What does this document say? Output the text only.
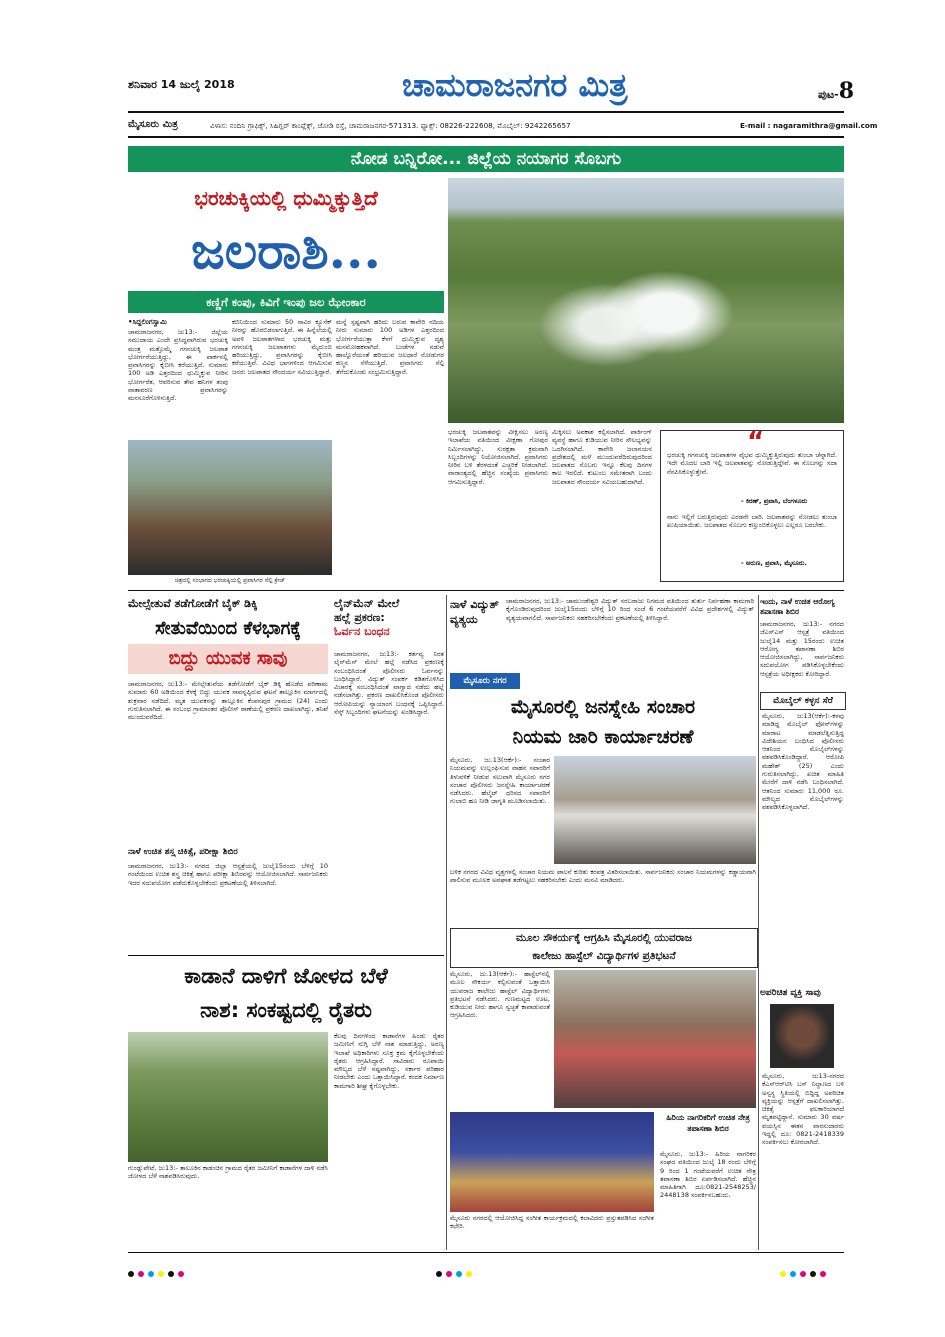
ಶನಿವಾರ 14 ಜುಲೈ 2018	ಚಾಮರಾಜನಗರ ಮಿತ್ರ	ಪುಟ-8
ಮೈಸೂರು ಮಿತ್ರ	ವಿಳಾಸ: ನಂದಿನಿ ಗ್ರಾಫಿಕ್ಸ್, ಸಿಹಿಗ್ಲರ್ ಕಾಂಪ್ಲೆಕ್ಸ್, ಜೋಡಿ ರಸ್ತೆ, ಚಾಮರಾಜನಗರ-571313. ಫ್ಯಾಕ್ಸ್: 08226-222608, ಮೊಬೈಲ್: 9242265657	E-mail : nagaramithra@gmail.com
ನೋಡ ಬನ್ನಿರೋ... ಜಿಲ್ಲೆಯ ನಯಾಗರ ಸೊಬಗು
ಭರಚುಕ್ಕಿಯಲ್ಲಿ ಧುಮ್ಮಿಕ್ಕುತ್ತಿದೆ
ಜಲರಾಶಿ...
ಕಣ್ಣಿಗೆ ಕಂಪು, ಕಿವಿಗೆ ಇಂಪು ಜಲ ಝೇಂಕಾರ
•ಸಿದ್ದಲಿಂಗಸ್ವಾಮಿ
ಚಾಮರಾಜನಗರ, ಜು13:- ಜಿಲ್ಲೆಯ ಸಮುದಾಯ ಎಂದೇ ಪ್ರಸಿದ್ಧವಾಗಿರುವ ಭರಚುಕ್ಕಿ ಮಂತ್ರ ಮತ್ತೊಮ್ಮೆ ಗಗನಚುಕ್ಕಿ ಜಲಪಾತ ಭೋರ್ಗರೆಯುತ್ತಿದ್ದು, ಈ ಪಾರ್ಕನಲ್ಲಿ ಪ್ರವಾಸಿಗರನ್ನು ಕೈಬೀಸಿ ಕರೆಯುತ್ತಿದೆ. ಸುಮಾರು 100 ಅಡಿ ಎತ್ತರದಿಂದ ಧುಮ್ಮಿಕ್ಕುವ ನೀರಿನ ಭೋರ್ಗರೆತ, ಆವರಿಸುವ ತೇವ ಹನಿಗಳ ತಂಪು ವಾತಾವರಣ ಪ್ರವಾಸಿಗರನ್ನು ಮನಸೂರೆಗೊಳಿಸುತ್ತಿದೆ.
ಕಬಿನಿಯಿಂದ ಸುಮಾರು 50 ಸಾವಿರ ಕ್ಯೂಸೆಕ್ ನೀರನ್ನು ಹೊರಬಿಡಲಾಗುತ್ತಿದೆ. ಈ ಹಿನ್ನೆಲೆಯಲ್ಲಿ ಅವಳಿ ಜಲಪಾತಗಳಾದ ಭರಚುಕ್ಕಿ ಮತ್ತು ಗಗನಚುಕ್ಕಿ ಜಲಪಾತಗಳು ಮೈದುಂಬಿ ಹರಿಯುತ್ತಿದ್ದು, ಪ್ರವಾಸಿಗರನ್ನು ಕೈಬೀಸಿ ಕರೆಯುತ್ತಿವೆ. ವಿವಿಧ ಭಾಗಗಳಿಂದ ಆಗಮಿಸುವ ಜನರು ಜಲಪಾತದ ಸೌಂದರ್ಯ ಸವಿಯುತ್ತಿದ್ದಾರೆ.
ಮನ್ನೆ ಸ್ಪಷ್ಟವಾಗಿ ಹರಿದು ಬರುವ ಕಾವೇರಿ ನದಿಯ ನೀರು ಸುಮಾರು 100 ಅಡಿಗಳ ಎತ್ತರದಿಂದ ಭೋರ್ಗರೆಯುತ್ತಾ ಕೆಳಗೆ ಧುಮ್ಮಿಕ್ಕುವ ದೃಶ್ಯ ಮನಮೋಹಕವಾಗಿದೆ. ಬಂಡೆಗಳ ನಡುವೆ ಹಾಲ್ನೊರೆಯಂತೆ ಹರಿಯುವ ಜಲಧಾರೆ ನೋಡುಗರ ಕಣ್ಮನ ಸೆಳೆಯುತ್ತಿದೆ. ಪ್ರವಾಸಿಗರು ಸೆಲ್ಫಿ ತೆಗೆದುಕೊಂಡು ಸಂಭ್ರಮಿಸುತ್ತಿದ್ದಾರೆ.
ಚಿತ್ರದಲ್ಲಿ ಸಂಭಾಗದ ಭರಚುಕ್ಕಿಯಲ್ಲಿ ಪ್ರವಾಸಿಗರ ಸೆಲ್ಫಿ ಕ್ರೇಜ್
ಭರಚುಕ್ಕಿ ಜಲಪಾತವನ್ನು ವೀಕ್ಷಿಸಲು ಅರಣ್ಯ ಇಲಾಖೆಯ ವತಿಯಿಂದ ವೀಕ್ಷಣಾ ಗೋಪುರ ನಿರ್ಮಿಸಲಾಗಿದ್ದು, ಸುರಕ್ಷತಾ ಕ್ರಮವಾಗಿ ಸಿಬ್ಬಂದಿಗಳನ್ನು ನಿಯೋಜಿಸಲಾಗಿದೆ. ಪ್ರವಾಸಿಗರು ನೀರಿನ ಬಳಿ ತೆರಳದಂತೆ ಎಚ್ಚರಿಕೆ ನೀಡಲಾಗಿದೆ. ವಾರಾಂತ್ಯದಲ್ಲಿ ಹೆಚ್ಚಿನ ಸಂಖ್ಯೆಯ ಪ್ರವಾಸಿಗರು ಆಗಮಿಸುತ್ತಿದ್ದಾರೆ.
ಮಿಕ್ಕಿಸಲು ಅವಕಾಶ ಕಲ್ಪಿಸಲಾಗಿದೆ. ಪಾರ್ಕಿಂಗ್ ವ್ಯವಸ್ಥೆ ಹಾಗೂ ಕುಡಿಯುವ ನೀರಿನ ಸೌಲಭ್ಯವನ್ನು ಒದಗಿಸಲಾಗಿದೆ. ಕಾವೇರಿ ಜಲಾನಯನ ಪ್ರದೇಶದಲ್ಲಿ ಮಳೆ ಮುಂದುವರೆದಿರುವುದರಿಂದ ಜಲಪಾತದ ಸೊಬಗು ಇನ್ನೂ ಕೆಲವು ದಿನಗಳ ಕಾಲ ಇರಲಿದೆ. ಕುಟುಂಬ ಸಮೇತರಾಗಿ ಬಂದು ಜಲಪಾತದ ಸೌಂದರ್ಯ ಸವಿಯಬಹುದಾಗಿದೆ.
“
ಭರಚುಕ್ಕಿ ಗಗನಚುಕ್ಕಿ ಜಲಪಾತಗಳ ವೈಭವ ಧುಮ್ಮಿಕ್ಕುತ್ತಿರುವುದು ತುಂಬಾ ಚೆನ್ನಾಗಿದೆ. ಇದೇ ಮೊದಲ ಬಾರಿ ಇಲ್ಲಿ ಜಲಪಾತವನ್ನು ನೋಡುತ್ತಿದ್ದೇವೆ. ಈ ಸೊಬಗನ್ನು ಸದಾ ನೆನಪಿಸಿಕೊಳ್ಳುತ್ತೇವೆ.
- ಕಿರಣ್, ಪ್ರವಾಸಿ, ಬೆಂಗಳೂರು
ನಾನು ಇಲ್ಲಿಗೆ ಬರುತ್ತಿರುವುದು ಎರಡನೇ ಬಾರಿ. ಜಲಪಾತವನ್ನು ನೋಡಲು ತುಂಬಾ ಖುಷಿಯಾಯಿತು. ಜಲಪಾತದ ಸೊಬಗು ಕಣ್ತುಂಬಿಕೊಳ್ಳಲು ಎಲ್ಲರೂ ಬರಬೇಕು.
- ಅರುಣ, ಪ್ರವಾಸಿ, ಮೈಸೂರು.
ಮೇಲ್ಸೇತುವೆ ತಡೆಗೋಡೆಗೆ ಬೈಕ್ ಡಿಕ್ಕಿ
ಸೇತುವೆಯಿಂದ ಕೆಳಭಾಗಕ್ಕೆ
ಬಿದ್ದು ಯುವಕ ಸಾವು
ಚಾಮರಾಜನಗರ, ಜು13:- ಮೇಲ್ಸೇತುವೆಯ ತಡೆಗೋಡೆಗೆ ಬೈಕ್ ಡಿಕ್ಕಿ ಹೊಡೆದ ಪರಿಣಾಮ ಸುಮಾರು 60 ಅಡಿಯಿಂದ ಕೆಳಕ್ಕೆ ಬಿದ್ದು ಯುವಕ ಸಾವನ್ನಪ್ಪಿರುವ ಘಟನೆ ತಾಲ್ಲೂಕಿನ ಮಾರ್ಗದಲ್ಲಿ ಶುಕ್ರವಾರ ನಡೆದಿದೆ. ಮೃತ ಯುವಕನನ್ನು ತಾಲ್ಲೂಕಿನ ಕೆಂಪನಪುರ ಗ್ರಾಮದ (24) ಎಂದು ಗುರುತಿಸಲಾಗಿದೆ. ಈ ಸಂಬಂಧ ಗ್ರಾಮಾಂತರ ಪೊಲೀಸ್ ಠಾಣೆಯಲ್ಲಿ ಪ್ರಕರಣ ದಾಖಲಾಗಿದ್ದು, ತನಿಖೆ ಮುಂದುವರೆದಿದೆ.
ನಾಳೆ ಉಚಿತ ಶಸ್ತ್ರ ಚಿಕಿತ್ಸೆ, ಪರೀಕ್ಷಾ ಶಿಬಿರ
ಚಾಮರಾಜನಗರ, ಜು13:- ನಗರದ ಜಿಲ್ಲಾ ಆಸ್ಪತ್ರೆಯಲ್ಲಿ ಜುಲೈ15ರಂದು ಬೆಳಿಗ್ಗೆ 10 ಗಂಟೆಯಿಂದ ಉಚಿತ ಶಸ್ತ್ರ ಚಿಕಿತ್ಸೆ ಹಾಗೂ ಪರೀಕ್ಷಾ ಶಿಬಿರವನ್ನು ಆಯೋಜಿಸಲಾಗಿದೆ. ಸಾರ್ವಜನಿಕರು ಇದರ ಸದುಪಯೋಗ ಪಡೆದುಕೊಳ್ಳಬೇಕೆಂದು ಪ್ರಕಟಣೆಯಲ್ಲಿ ತಿಳಿಸಲಾಗಿದೆ.
ಲೈನ್‌ಮೆನ್ ಮೇಲೆ
ಹಲ್ಲೆ ಪ್ರಕರಣ:
ಓರ್ವನ ಬಂಧನ
ಚಾಮರಾಜನಗರ, ಜು13:- ಕರ್ತವ್ಯ ನಿರತ ಲೈನ್‌ಮೆನ್ ಮೇಲೆ ಹಲ್ಲೆ ನಡೆಸಿದ ಪ್ರಕರಣಕ್ಕೆ ಸಂಬಂಧಿಸಿದಂತೆ ಪೊಲೀಸರು ಓರ್ವನನ್ನು ಬಂಧಿಸಿದ್ದಾರೆ. ವಿದ್ಯುತ್ ಸಂಪರ್ಕ ಕಡಿತಗೊಳಿಸಿದ ವಿಚಾರಕ್ಕೆ ಸಂಬಂಧಿಸಿದಂತೆ ವಾಗ್ವಾದ ನಡೆದು ಹಲ್ಲೆ ನಡೆಸಲಾಗಿತ್ತು. ಪ್ರಕರಣ ದಾಖಲಿಸಿಕೊಂಡ ಪೊಲೀಸರು ಆರೋಪಿಯನ್ನು ನ್ಯಾಯಾಂಗ ಬಂಧನಕ್ಕೆ ಒಪ್ಪಿಸಿದ್ದಾರೆ. ಸೆಸ್ಕ್ ಸಿಬ್ಬಂದಿಗಳು ಘಟನೆಯನ್ನು ಖಂಡಿಸಿದ್ದಾರೆ.
ಕಾಡಾನೆ ದಾಳಿಗೆ ಜೋಳದ ಬೆಳೆ
ನಾಶ: ಸಂಕಷ್ಟದಲ್ಲಿ ರೈತರು
ಗುಂಡ್ಲುಪೇಟೆ, ಜು13:- ತಾಲೂಕಿನ ಕಾಡಂಚಿನ ಗ್ರಾಮದ ರೈತರ ಜಮೀನಿಗೆ ಕಾಡಾನೆಗಳ ದಾಳಿ ನಡೆಸಿ ಜೋಳದ ಬೆಳೆ ನಾಶಪಡಿಸಿರುವುದು.
ಕೆಲವು ದಿನಗಳಿಂದ ಕಾಡಾನೆಗಳ ಹಿಂಡು ರೈತರ ಜಮೀನಿಗೆ ನುಗ್ಗಿ ಬೆಳೆ ನಾಶ ಮಾಡುತ್ತಿದ್ದು, ಅರಣ್ಯ ಇಲಾಖೆ ಅಧಿಕಾರಿಗಳು ಸೂಕ್ತ ಕ್ರಮ ಕೈಗೊಳ್ಳಬೇಕೆಂದು ರೈತರು ಆಗ್ರಹಿಸಿದ್ದಾರೆ. ಸಾವಿರಾರು ರೂಪಾಯಿ ಮೌಲ್ಯದ ಬೆಳೆ ನಷ್ಟವಾಗಿದ್ದು, ಸರ್ಕಾರ ಪರಿಹಾರ ನೀಡಬೇಕು ಎಂದು ಒತ್ತಾಯಿಸಿದ್ದಾರೆ. ಕಂದಕ ನಿರ್ಮಾಣ ಕಾಮಗಾರಿ ಶೀಘ್ರ ಕೈಗೊಳ್ಳಬೇಕು.
ನಾಳೆ ವಿದ್ಯುತ್ ವ್ಯತ್ಯಯ
ಚಾಮರಾಜನಗರ, ಜು13:- ಚಾಮುಂಡೇಶ್ವರಿ ವಿದ್ಯುತ್ ಸರಬರಾಜು ನಿಗಮದ ವತಿಯಿಂದ ತುರ್ತು ನಿರ್ವಹಣಾ ಕಾಮಗಾರಿ ಕೈಗೊಂಡಿರುವುದರಿಂದ ಜುಲೈ15ರಂದು ಬೆಳಿಗ್ಗೆ 10 ರಿಂದ ಸಂಜೆ 6 ಗಂಟೆಯವರೆಗೆ ವಿವಿಧ ಪ್ರದೇಶಗಳಲ್ಲಿ ವಿದ್ಯುತ್ ವ್ಯತ್ಯಯವಾಗಲಿದೆ. ಸಾರ್ವಜನಿಕರು ಸಹಕರಿಸಬೇಕೆಂದು ಪ್ರಕಟಣೆಯಲ್ಲಿ ತಿಳಿಸಿದ್ದಾರೆ.
ಮೈಸೂರು ನಗರ
ಮೈಸೂರಲ್ಲಿ ಜನಸ್ನೇಹಿ ಸಂಚಾರ
ನಿಯಮ ಜಾರಿ ಕಾರ್ಯಾಚರಣೆ
ಮೈಸೂರು, ಜು.13(ಆರ್ಕೆ):- ಸಂಚಾರ ನಿಯಮವನ್ನು ಉಲ್ಲಂಘಿಸುವ ವಾಹನ ಸವಾರರಿಗೆ ತಿಳುವಳಿಕೆ ನೀಡುವ ಸಲುವಾಗಿ ಮೈಸೂರು ನಗರ ಸಂಚಾರ ಪೊಲೀಸರು ಜನಸ್ನೇಹಿ ಕಾರ್ಯಾಚರಣೆ ನಡೆಸಿದರು. ಹೆಲ್ಮೆಟ್ ಧರಿಸದ ಸವಾರರಿಗೆ ಗುಲಾಬಿ ಹೂ ನೀಡಿ ಜಾಗೃತಿ ಮೂಡಿಸಲಾಯಿತು.
ಬಳಿಕ ನಗರದ ವಿವಿಧ ವೃತ್ತಗಳಲ್ಲಿ ಸಂಚಾರ ನಿಯಮ ಪಾಲನೆ ಕುರಿತು ಕರಪತ್ರ ವಿತರಿಸಲಾಯಿತು. ಸಾರ್ವಜನಿಕರು ಸಂಚಾರ ನಿಯಮಗಳನ್ನು ಕಡ್ಡಾಯವಾಗಿ ಪಾಲಿಸುವ ಮೂಲಕ ಅಪಘಾತ ತಡೆಗಟ್ಟಲು ಸಹಕರಿಸಬೇಕು ಎಂದು ಮನವಿ ಮಾಡಿದರು.
ಮೂಲ ಸೌಕರ್ಯಕ್ಕೆ ಆಗ್ರಹಿಸಿ ಮೈಸೂರಲ್ಲಿ ಯುವರಾಜ
ಕಾಲೇಜು ಹಾಸ್ಟೆಲ್ ವಿದ್ಯಾರ್ಥಿಗಳ ಪ್ರತಿಭಟನೆ
ಮೈಸೂರು, ಜು.13(ಆರ್ಕೆ):- ಹಾಸ್ಟೆಲ್‌ನಲ್ಲಿ ಮೂಲ ಸೌಕರ್ಯ ಕಲ್ಪಿಸುವಂತೆ ಒತ್ತಾಯಿಸಿ ಯುವರಾಜ ಕಾಲೇಜು ಹಾಸ್ಟೆಲ್ ವಿದ್ಯಾರ್ಥಿಗಳು ಪ್ರತಿಭಟನೆ ನಡೆಸಿದರು. ಗುಣಮಟ್ಟದ ಊಟ, ಕುಡಿಯುವ ನೀರು ಹಾಗೂ ಸ್ವಚ್ಛತೆ ಕಾಪಾಡುವಂತೆ ಆಗ್ರಹಿಸಿದರು.
ಮೈಸೂರು ನಗರದಲ್ಲಿ ಆಯೋಜಿಸಿದ್ದ ಸಂಗೀತ ಕಾರ್ಯಕ್ರಮದಲ್ಲಿ ಕಲಾವಿದರು ಪ್ರಸ್ತುತಪಡಿಸಿದ ಸಂಗೀತ ಕಛೇರಿ.
ಹಿರಿಯ ನಾಗರಿಕರಿಗೆ ಉಚಿತ ನೇತ್ರ ತಪಾಸಣಾ ಶಿಬಿರ
ಮೈಸೂರು, ಜು13:- ಹಿರಿಯ ನಾಗರಿಕರ ಸಂಘದ ವತಿಯಿಂದ ಜುಲೈ 18 ರಂದು ಬೆಳಿಗ್ಗೆ 9 ರಿಂದ 1 ಗಂಟೆಯವರೆಗೆ ಉಚಿತ ನೇತ್ರ ತಪಾಸಣಾ ಶಿಬಿರ ಏರ್ಪಡಿಸಲಾಗಿದೆ. ಹೆಚ್ಚಿನ ಮಾಹಿತಿಗಾಗಿ ದೂ:0821-2548253/ 2448138 ಸಂಪರ್ಕಿಸಬಹುದು.
ಇಂದು, ನಾಳೆ ಉಚಿತ ಆರೋಗ್ಯ ತಪಾಸಣಾ ಶಿಬಿರ
ಚಾಮರಾಜನಗರ, ಜು13:- ನಗರದ ಜೆಎಸ್ಎಸ್ ಆಸ್ಪತ್ರೆ ವತಿಯಿಂದ ಜುಲೈ14 ಮತ್ತು 15ರಂದು ಉಚಿತ ಆರೋಗ್ಯ ತಪಾಸಣಾ ಶಿಬಿರ ಆಯೋಜಿಸಲಾಗಿದ್ದು, ಸಾರ್ವಜನಿಕರು ಸದುಪಯೋಗ ಪಡಿಸಿಕೊಳ್ಳಬೇಕೆಂದು ಆಸ್ಪತ್ರೆಯ ಅಧೀಕ್ಷಕರು ಕೋರಿದ್ದಾರೆ.
ಮೊಬೈಲ್ ಕಳ್ಳನ ಸೆರೆ
ಮೈಸೂರು, ಜು13(ಆರ್ಕೆ):-ಕಳವು ಮಾಡಿದ್ದ ಮೊಬೈಲ್ ಫೋನ್‌ಗಳನ್ನು ಮಾರಾಟ ಮಾಡಲೆತ್ನಿಸುತ್ತಿದ್ದ ವಿದೇಶಿಯನ ಬಂಧಿಸಿದ ಪೊಲೀಸರು ಆತನಿಂದ ಮೊಬೈಲ್‌ಗಳನ್ನು ವಶಪಡಿಸಿಕೊಂಡಿದ್ದಾರೆ. ಆರೋಪಿ ಮಹೇಶ್ (25) ಎಂದು ಗುರುತಿಸಲಾಗಿದ್ದು, ಖಚಿತ ಮಾಹಿತಿ ಮೇರೆಗೆ ದಾಳಿ ನಡೆಸಿ ಬಂಧಿಸಲಾಗಿದೆ. ಆತನಿಂದ ಸುಮಾರು 11,000 ರೂ. ಮೌಲ್ಯದ ಮೊಬೈಲ್‌ಗಳನ್ನು ವಶಪಡಿಸಿಕೊಳ್ಳಲಾಗಿದೆ.
ಅಪರಿಚಿತ ವ್ಯಕ್ತಿ ಸಾವು
ಮೈಸೂರು, ಜು13-ನಗರದ ಕೆಎಸ್ಆರ್‌ಟಿಸಿ ಬಸ್ ನಿಲ್ದಾಣದ ಬಳಿ ಅಸ್ವಸ್ಥ ಸ್ಥಿತಿಯಲ್ಲಿ ಬಿದ್ದಿದ್ದ ಅಪರಿಚಿತ ವ್ಯಕ್ತಿಯನ್ನು ಆಸ್ಪತ್ರೆಗೆ ದಾಖಲಿಸಲಾಗಿತ್ತು. ಚಿಕಿತ್ಸೆ ಫಲಕಾರಿಯಾಗದೆ ಮೃತಪಟ್ಟಿದ್ದಾನೆ. ಸುಮಾರು 30 ವರ್ಷ ವಯಸ್ಸಿನ ಈತನ ವಾರಸುದಾರರು ಇದ್ದಲ್ಲಿ ದೂ: 0821-2418339 ಸಂಪರ್ಕಿಸಲು ಕೋರಲಾಗಿದೆ.
